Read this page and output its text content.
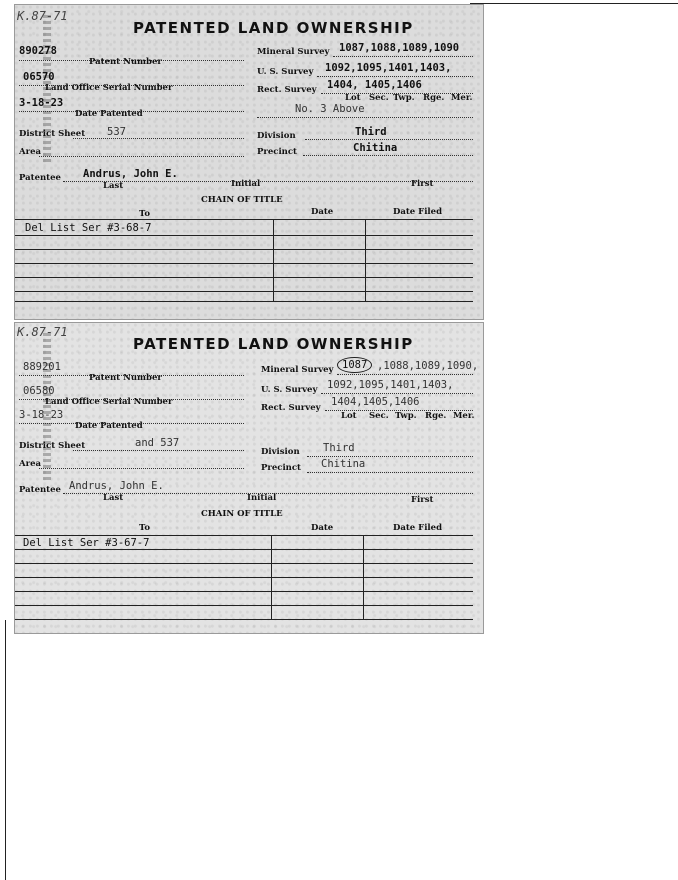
K.87-71
PATENTED LAND OWNERSHIP
890278
Patent Number
06570
Land Office Serial Number
3-18-23
Date Patented
District Sheet 537
Area
Mineral Survey 1087,1088,1089,1090
U. S. Survey 1092,1095,1401,1403,
Rect. Survey 1404, 1405,1406
Lot Sec. Twp. Rge. Mer.
No. 3 Above
Division	Third
Precinct	Chitina
Patentee Andrus, John E.
Last	Initial	First
CHAIN OF TITLE
To	Date	Date Filed
Del List Ser #3-68-7
K.87-71
PATENTED LAND OWNERSHIP
889201
Patent Number
06580
Land Office Serial Number
3-18-23
Date Patented
District Sheet	and 537
Area
Mineral Survey 1087 ,1088,1089,1090,
U. S. Survey 1092,1095,1401,1403,
Rect. Survey 1404,1405,1406
Lot Sec. Twp. Rge. Mer.
Division Third
Precinct Chitina
Patentee Andrus, John E.
Last	Initial	First
CHAIN OF TITLE
To	Date	Date Filed
Del List Ser #3-67-7
